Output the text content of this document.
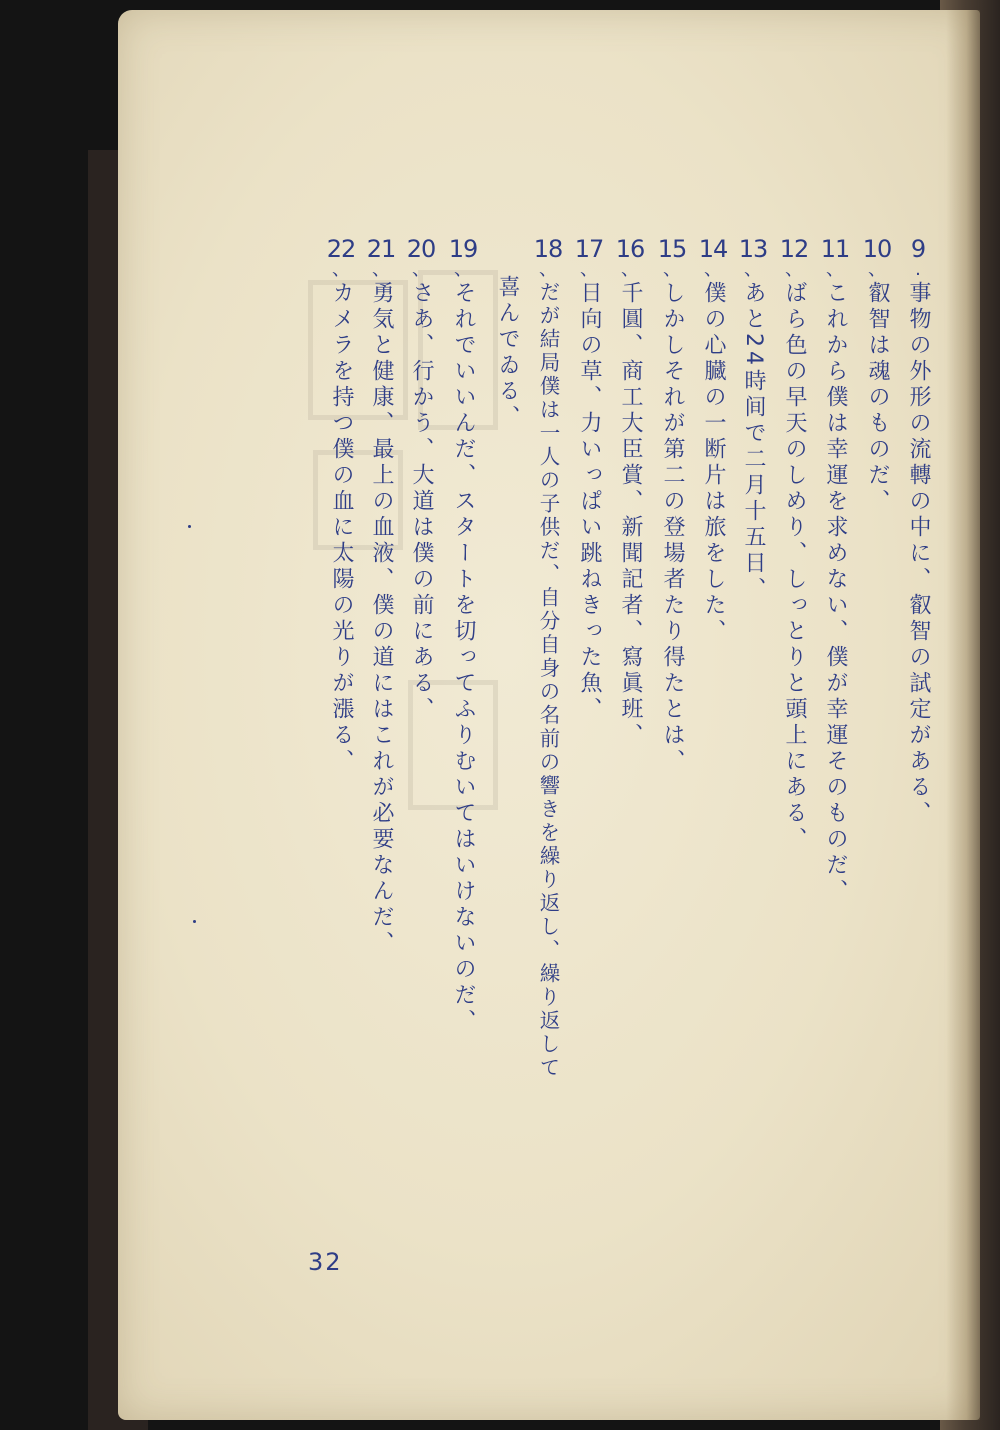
9
.
事物の外形の流轉の中に、叡智の試定がある、
10
、
叡智は魂のものだ、
11
、
これから僕は幸運を求めない、僕が幸運そのものだ、
12
、
ばら色の早天のしめり、しっとりと頭上にある、
13
、
あと24時间で二月十五日、
14
、
僕の心臓の一断片は旅をした、
15
、
しかしそれが第二の登場者たり得たとは、
16
、
千圓、商工大臣賞、新聞記者、寫眞班、
17
、
日向の草、力いっぱい跳ねきった魚、
18
、
だが結局僕は一人の子供だ、自分自身の名前の響きを繰り返し、繰り返して
喜んでゐる、
19
、
それでいいんだ、スタートを切ってふりむいてはいけないのだ、
20
、
さあ、行かう、大道は僕の前にある、
21
、
勇気と健康、最上の血液、僕の道にはこれが必要なんだ、
22
、
カメラを持つ僕の血に太陽の光りが漲る、
32
